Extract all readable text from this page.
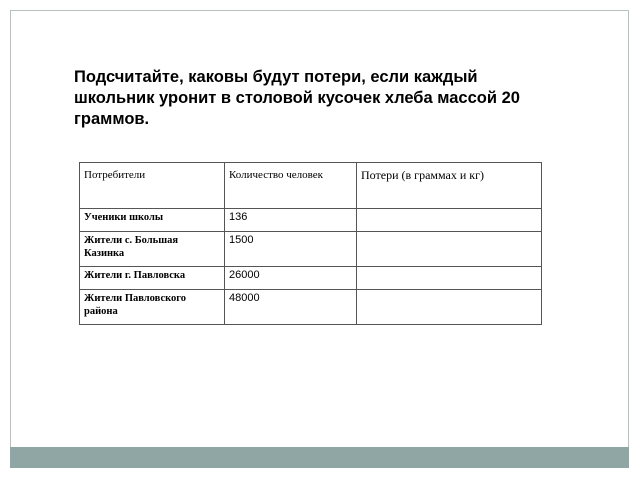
Подсчитайте, каковы будут потери, если каждый школьник уронит в столовой кусочек хлеба массой 20 граммов.
Потребители	Количество человек	Потери (в граммах и кг)
Ученики школы	136	
Жители с. Большая Казинка	1500	
Жители г. Павловска	26000	
Жители Павловского района	48000	
